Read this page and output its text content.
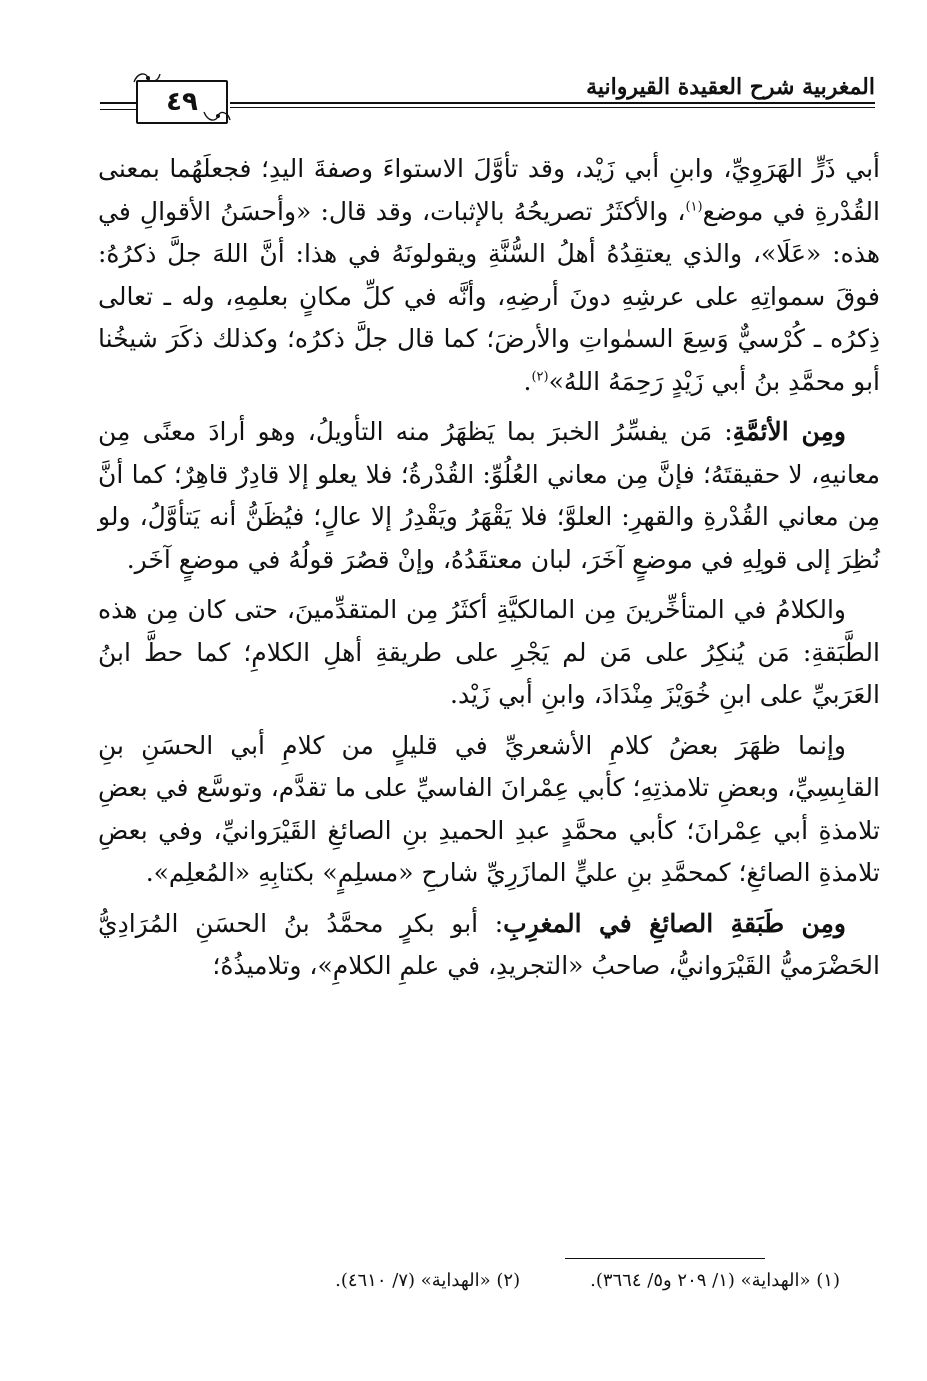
٤٩	المغربية شرح العقيدة القيروانية

أبي ذَرٍّ الهَرَوِيِّ، وابنِ أبي زَيْد، وقد تأوَّلَ الاستواءَ وصفةَ اليدِ؛ فجعلَهُما بمعنى القُدْرةِ في موضع$^{(١)}$، والأكثَرُ تصريحُهُ بالإثبات، وقد قال: «وأحسَنُ الأقوالِ في هذه: «عَلَا»، والذي يعتقِدُهُ أهلُ السُّنَّةِ ويقولونَهُ في هذا: أنَّ اللهَ جلَّ ذكرُهُ: فوقَ سمواتِهِ على عرشِهِ دونَ أرضِهِ، وأنَّه في كلِّ مكانٍ بعلمِهِ، وله ـ تعالى ذِكرُه ـ كُرْسيٌّ وَسِعَ السمٰواتِ والأرضَ؛ كما قال جلَّ ذكرُه؛ وكذلك ذكَرَ شيخُنا أبو محمَّدِ بنُ أبي زَيْدٍ رَحِمَهُ اللهُ»$^{(٢)}$.

ومِن الأئمَّةِ: مَن يفسِّرُ الخبرَ بما يَظهَرُ منه التأويلُ، وهو أرادَ معنًى مِن معانيهِ، لا حقيقتَهُ؛ فإنَّ مِن معاني العُلُوِّ: القُدْرةُ؛ فلا يعلو إلا قادِرٌ قاهِرٌ؛ كما أنَّ مِن معاني القُدْرةِ والقهرِ: العلوَّ؛ فلا يَقْهَرُ ويَقْدِرُ إلا عالٍ؛ فيُظَنُّ أنه يَتأوَّلُ، ولو نُظِرَ إلى قولِهِ في موضعٍ آخَرَ، لبان معتقَدُهُ، وإنْ قصُرَ قولُهُ في موضعٍ آخَر.

والكلامُ في المتأخِّرينَ مِن المالكيَّةِ أكثَرُ مِن المتقدِّمينَ، حتى كان مِن هذه الطَّبَقةِ: مَن يُنكِرُ على مَن لم يَجْرِ على طريقةِ أهلِ الكلامِ؛ كما حطَّ ابنُ العَرَبيِّ على ابنِ خُوَيْزَ مِنْدَادَ، وابنِ أبي زَيْد.

وإنما ظهَرَ بعضُ كلامِ الأشعريِّ في قليلٍ من كلامِ أبي الحسَنِ بنِ القابِسِيِّ، وبعضِ تلامذتِهِ؛ كأبي عِمْرانَ الفاسيِّ على ما تقدَّم، وتوسَّع في بعضِ تلامذةِ أبي عِمْرانَ؛ كأبي محمَّدٍ عبدِ الحميدِ بنِ الصائغِ القَيْرَوانيِّ، وفي بعضِ تلامذةِ الصائغِ؛ كمحمَّدِ بنِ عليٍّ المازَرِيِّ شارحِ «مسلِمٍ» بكتابِهِ «المُعلِم».

ومِن طَبَقةِ الصائغِ في المغرِبِ: أبو بكرٍ محمَّدُ بنُ الحسَنِ المُرَادِيُّ الحَضْرَميُّ القَيْرَوانيُّ، صاحبُ «التجريدِ، في علمِ الكلامِ»، وتلاميذُهُ؛

(١) «الهداية» (١/ ٢٠٩ و٥/ ٣٦٦٤).
(٢) «الهداية» (٧/ ٤٦١٠).
